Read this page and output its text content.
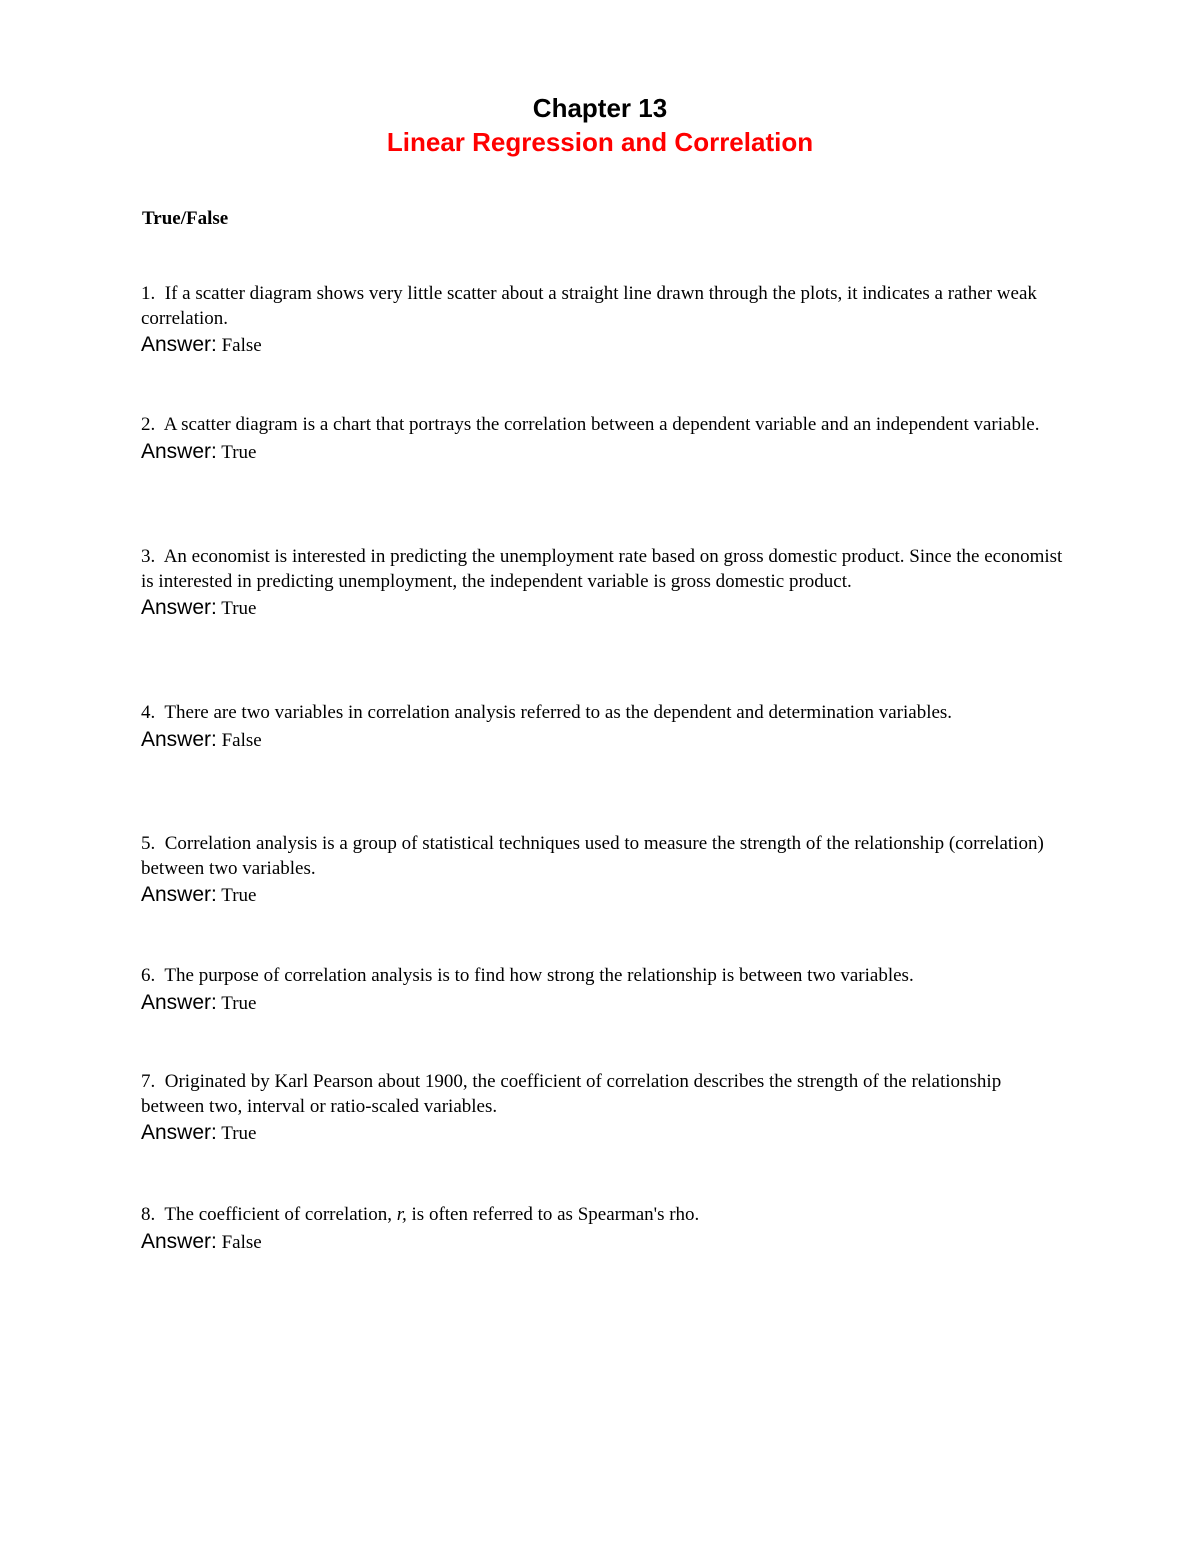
Chapter 13
Linear Regression and Correlation
True/False
1. If a scatter diagram shows very little scatter about a straight line drawn through the plots, it indicates a rather weak correlation.
Answer: False
2. A scatter diagram is a chart that portrays the correlation between a dependent variable and an independent variable.
Answer: True
3. An economist is interested in predicting the unemployment rate based on gross domestic product. Since the economist is interested in predicting unemployment, the independent variable is gross domestic product.
Answer: True
4. There are two variables in correlation analysis referred to as the dependent and determination variables.
Answer: False
5. Correlation analysis is a group of statistical techniques used to measure the strength of the relationship (correlation) between two variables.
Answer: True
6. The purpose of correlation analysis is to find how strong the relationship is between two variables.
Answer: True
7. Originated by Karl Pearson about 1900, the coefficient of correlation describes the strength of the relationship between two, interval or ratio-scaled variables.
Answer: True
8. The coefficient of correlation, r, is often referred to as Spearman's rho.
Answer: False
